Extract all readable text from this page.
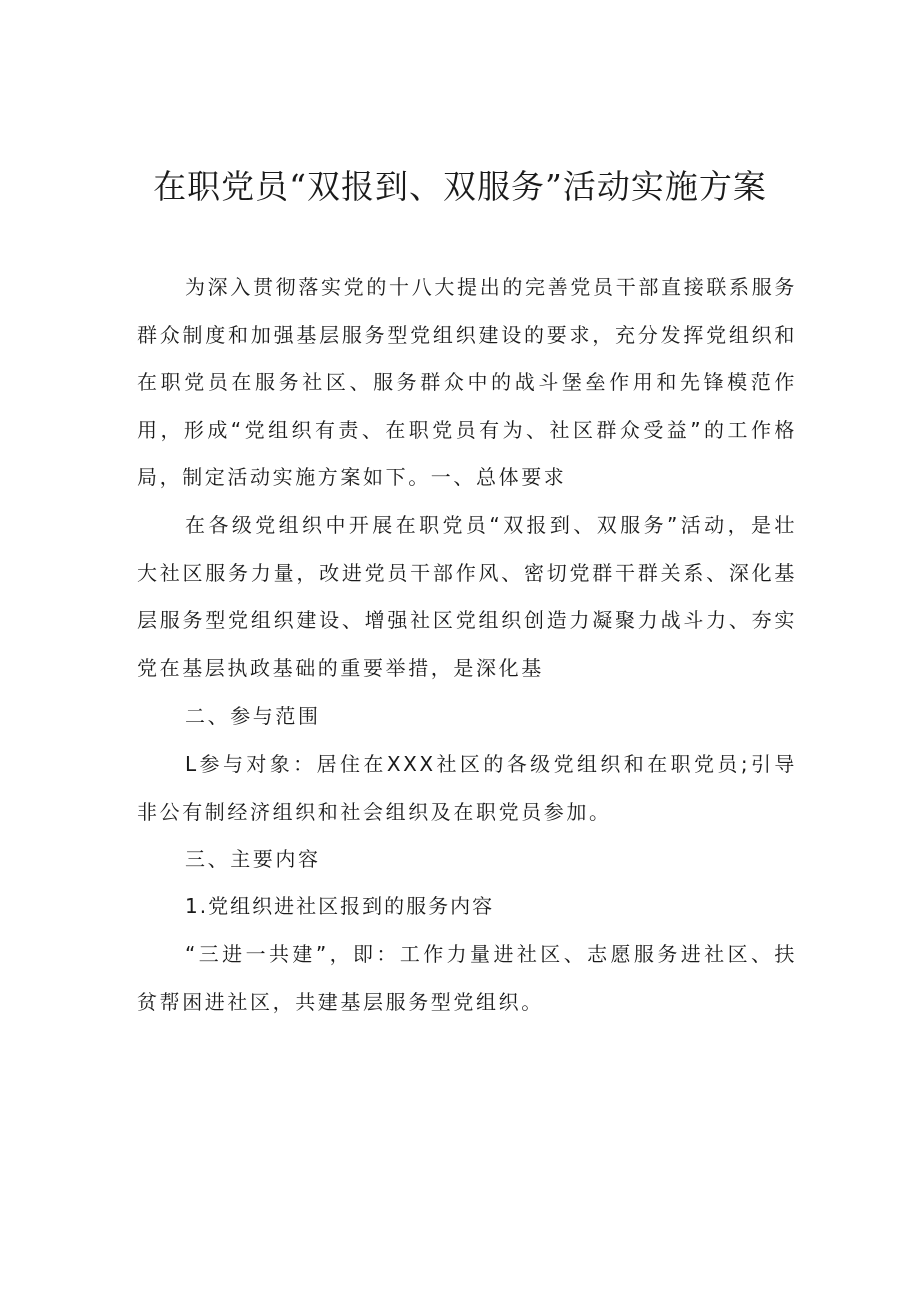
在职党员“双报到、双服务”活动实施方案

为深入贯彻落实党的十八大提出的完善党员干部直接联系服务群众制度和加强基层服务型党组织建设的要求，充分发挥党组织和在职党员在服务社区、服务群众中的战斗堡垒作用和先锋模范作用，形成“党组织有责、在职党员有为、社区群众受益”的工作格局，制定活动实施方案如下。一、总体要求

在各级党组织中开展在职党员“双报到、双服务”活动，是壮大社区服务力量，改进党员干部作风、密切党群干群关系、深化基层服务型党组织建设、增强社区党组织创造力凝聚力战斗力、夯实党在基层执政基础的重要举措，是深化基

二、参与范围

L参与对象：居住在XXX社区的各级党组织和在职党员;引导非公有制经济组织和社会组织及在职党员参加。

三、主要内容

1.党组织进社区报到的服务内容

“三进一共建”，即：工作力量进社区、志愿服务进社区、扶贫帮困进社区，共建基层服务型党组织。
